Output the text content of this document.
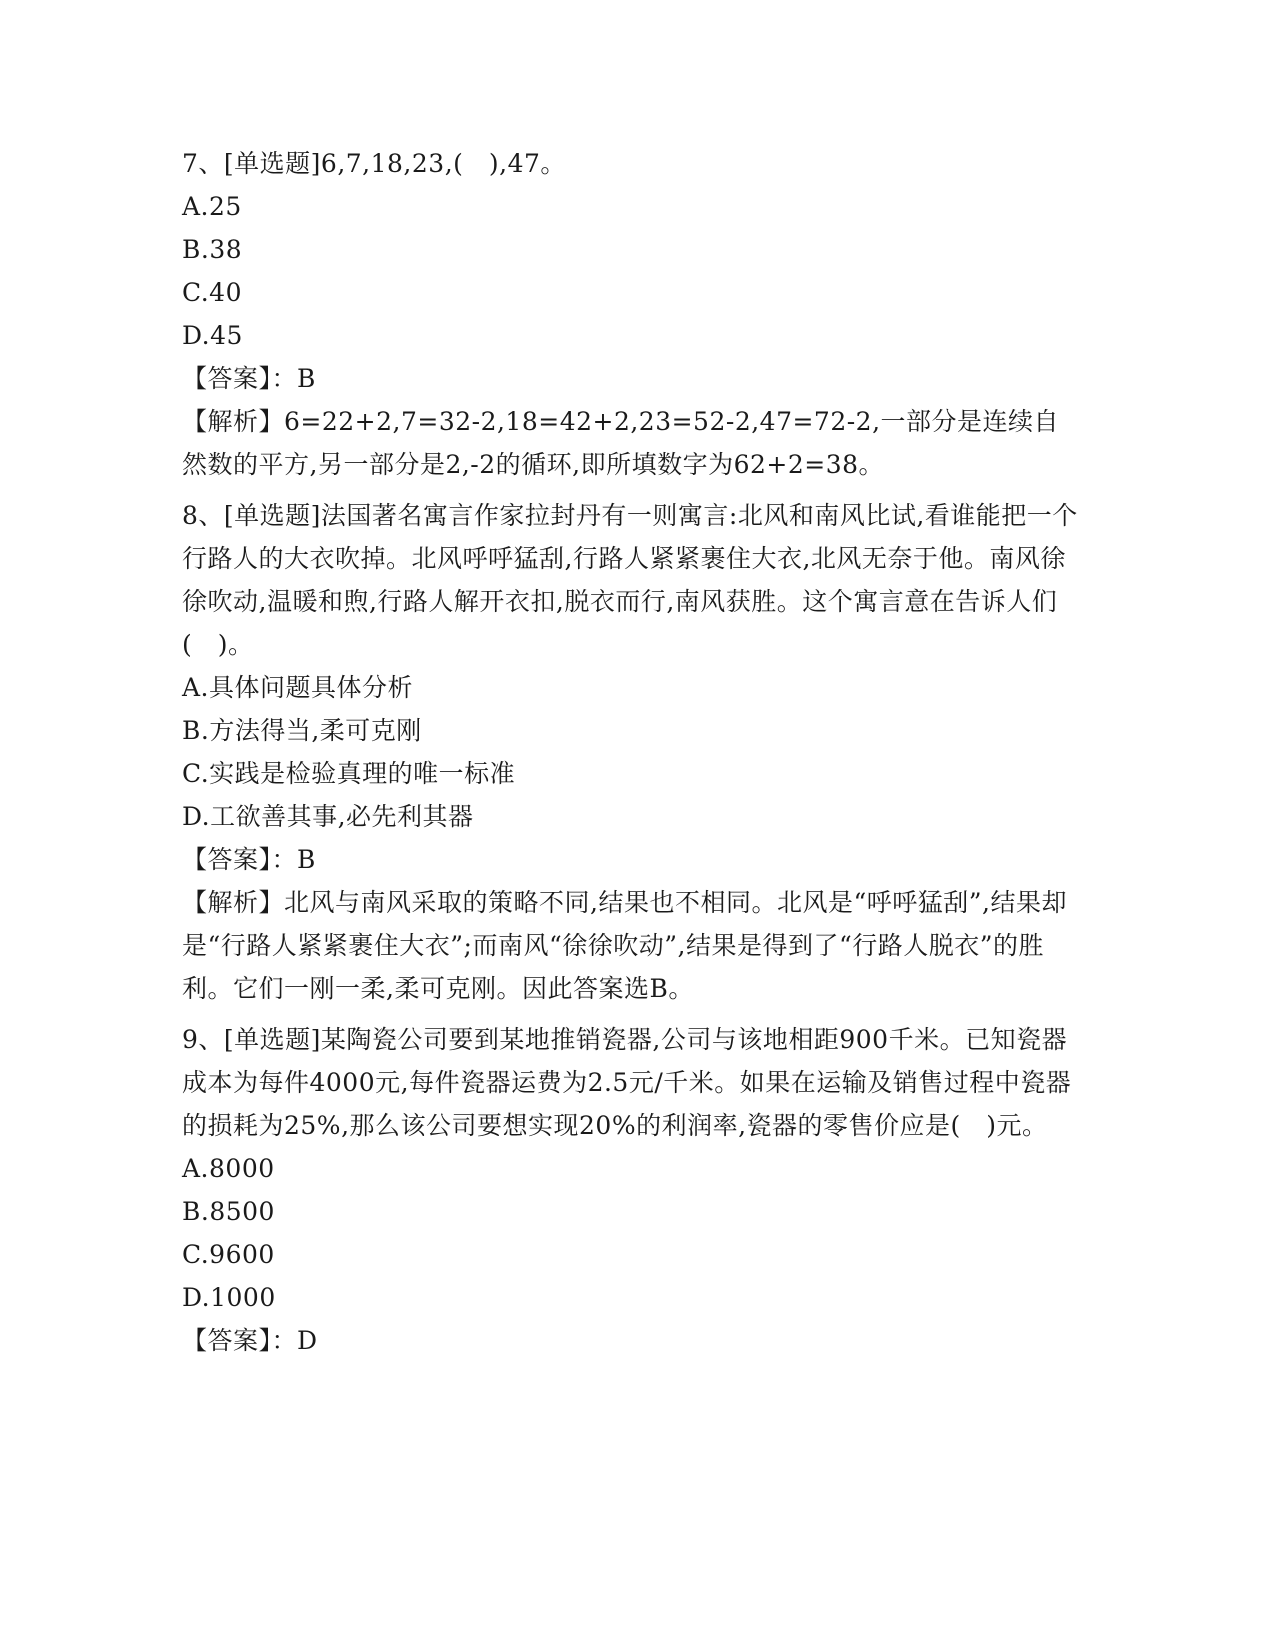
7、[单选题]6,7,18,23,(　),47。
A.25
B.38
C.40
D.45
【答案】：B
【解析】6=22+2,7=32-2,18=42+2,23=52-2,47=72-2,一部分是连续自然数的平方,另一部分是2,-2的循环,即所填数字为62+2=38。
8、[单选题]法国著名寓言作家拉封丹有一则寓言:北风和南风比试,看谁能把一个行路人的大衣吹掉。北风呼呼猛刮,行路人紧紧裹住大衣,北风无奈于他。南风徐徐吹动,温暖和煦,行路人解开衣扣,脱衣而行,南风获胜。这个寓言意在告诉人们(　)。
A.具体问题具体分析
B.方法得当,柔可克刚
C.实践是检验真理的唯一标准
D.工欲善其事,必先利其器
【答案】：B
【解析】北风与南风采取的策略不同,结果也不相同。北风是“呼呼猛刮”,结果却是“行路人紧紧裹住大衣”;而南风“徐徐吹动”,结果是得到了“行路人脱衣”的胜利。它们一刚一柔,柔可克刚。因此答案选B。
9、[单选题]某陶瓷公司要到某地推销瓷器,公司与该地相距900千米。已知瓷器成本为每件4000元,每件瓷器运费为2.5元/千米。如果在运输及销售过程中瓷器的损耗为25%,那么该公司要想实现20%的利润率,瓷器的零售价应是(　)元。
A.8000
B.8500
C.9600
D.1000
【答案】：D
